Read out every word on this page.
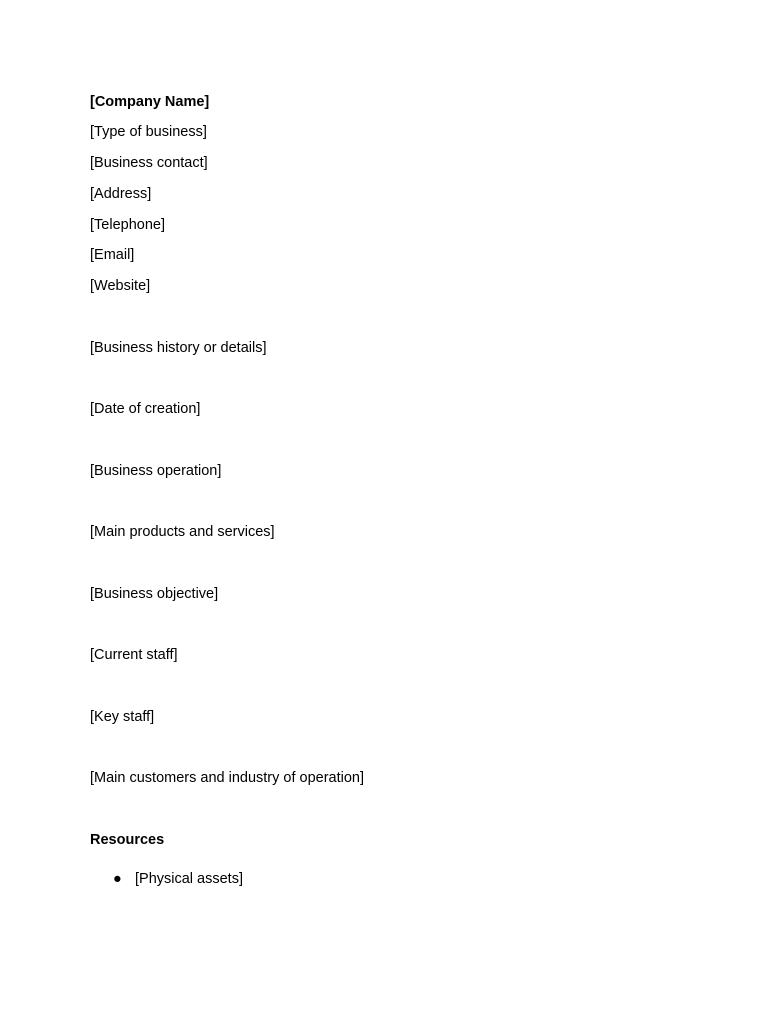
[Company Name]
[Type of business]
[Business contact]
[Address]
[Telephone]
[Email]
[Website]
[Business history or details]
[Date of creation]
[Business operation]
[Main products and services]
[Business objective]
[Current staff]
[Key staff]
[Main customers and industry of operation]
Resources
● [Physical assets]
